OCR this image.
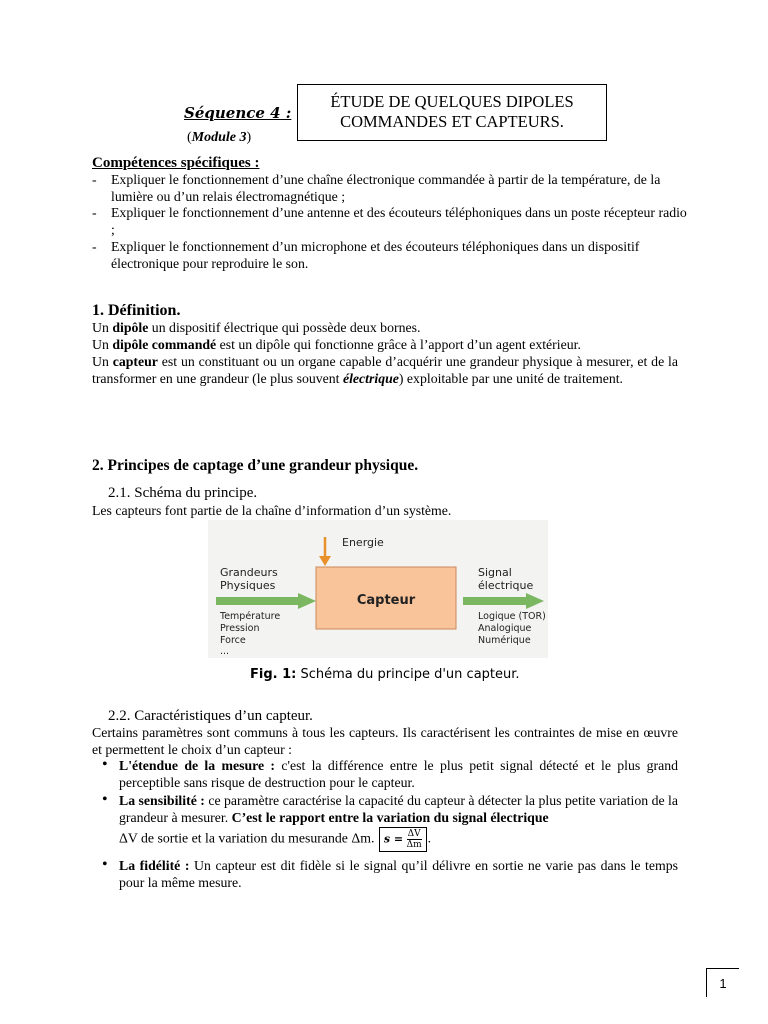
Séquence 4 :
(Module 3)
ÉTUDE DE QUELQUES DIPOLES
COMMANDES ET CAPTEURS.
Compétences spécifiques :
- Expliquer le fonctionnement d’une chaîne électronique commandée à partir de la température, de la lumière ou d’un relais électromagnétique ;
- Expliquer le fonctionnement d’une antenne et des écouteurs téléphoniques dans un poste récepteur radio ;
- Expliquer le fonctionnement d’un microphone et des écouteurs téléphoniques dans un dispositif électronique pour reproduire le son.
1. Définition.
Un dipôle un dispositif électrique qui possède deux bornes.
Un dipôle commandé est un dipôle qui fonctionne grâce à l’apport d’un agent extérieur.
Un capteur est un constituant ou un organe capable d’acquérir une grandeur physique à mesurer, et de la transformer en une grandeur (le plus souvent électrique) exploitable par une unité de traitement.
2. Principes de captage d’une grandeur physique.
2.1. Schéma du principe.
Les capteurs font partie de la chaîne d’information d’un système.
Energie
Grandeurs
Physiques
Capteur
Signal
électrique
Température
Pression
Force
...
Logique (TOR)
Analogique
Numérique
Fig. 1: Schéma du principe d'un capteur.
2.2. Caractéristiques d’un capteur.
Certains paramètres sont communs à tous les capteurs. Ils caractérisent les contraintes de mise en œuvre et permettent le choix d’un capteur :
• L'étendue de la mesure : c'est la différence entre le plus petit signal détecté et le plus grand perceptible sans risque de destruction pour le capteur.
• La sensibilité : ce paramètre caractérise la capacité du capteur à détecter la plus petite variation de la grandeur à mesurer. C’est le rapport entre la variation du signal électrique
ΔV de sortie et la variation du mesurande Δm. $s = \frac{\Delta V}{\Delta m}$ .
• La fidélité : Un capteur est dit fidèle si le signal qu’il délivre en sortie ne varie pas dans le temps pour la même mesure.
1
